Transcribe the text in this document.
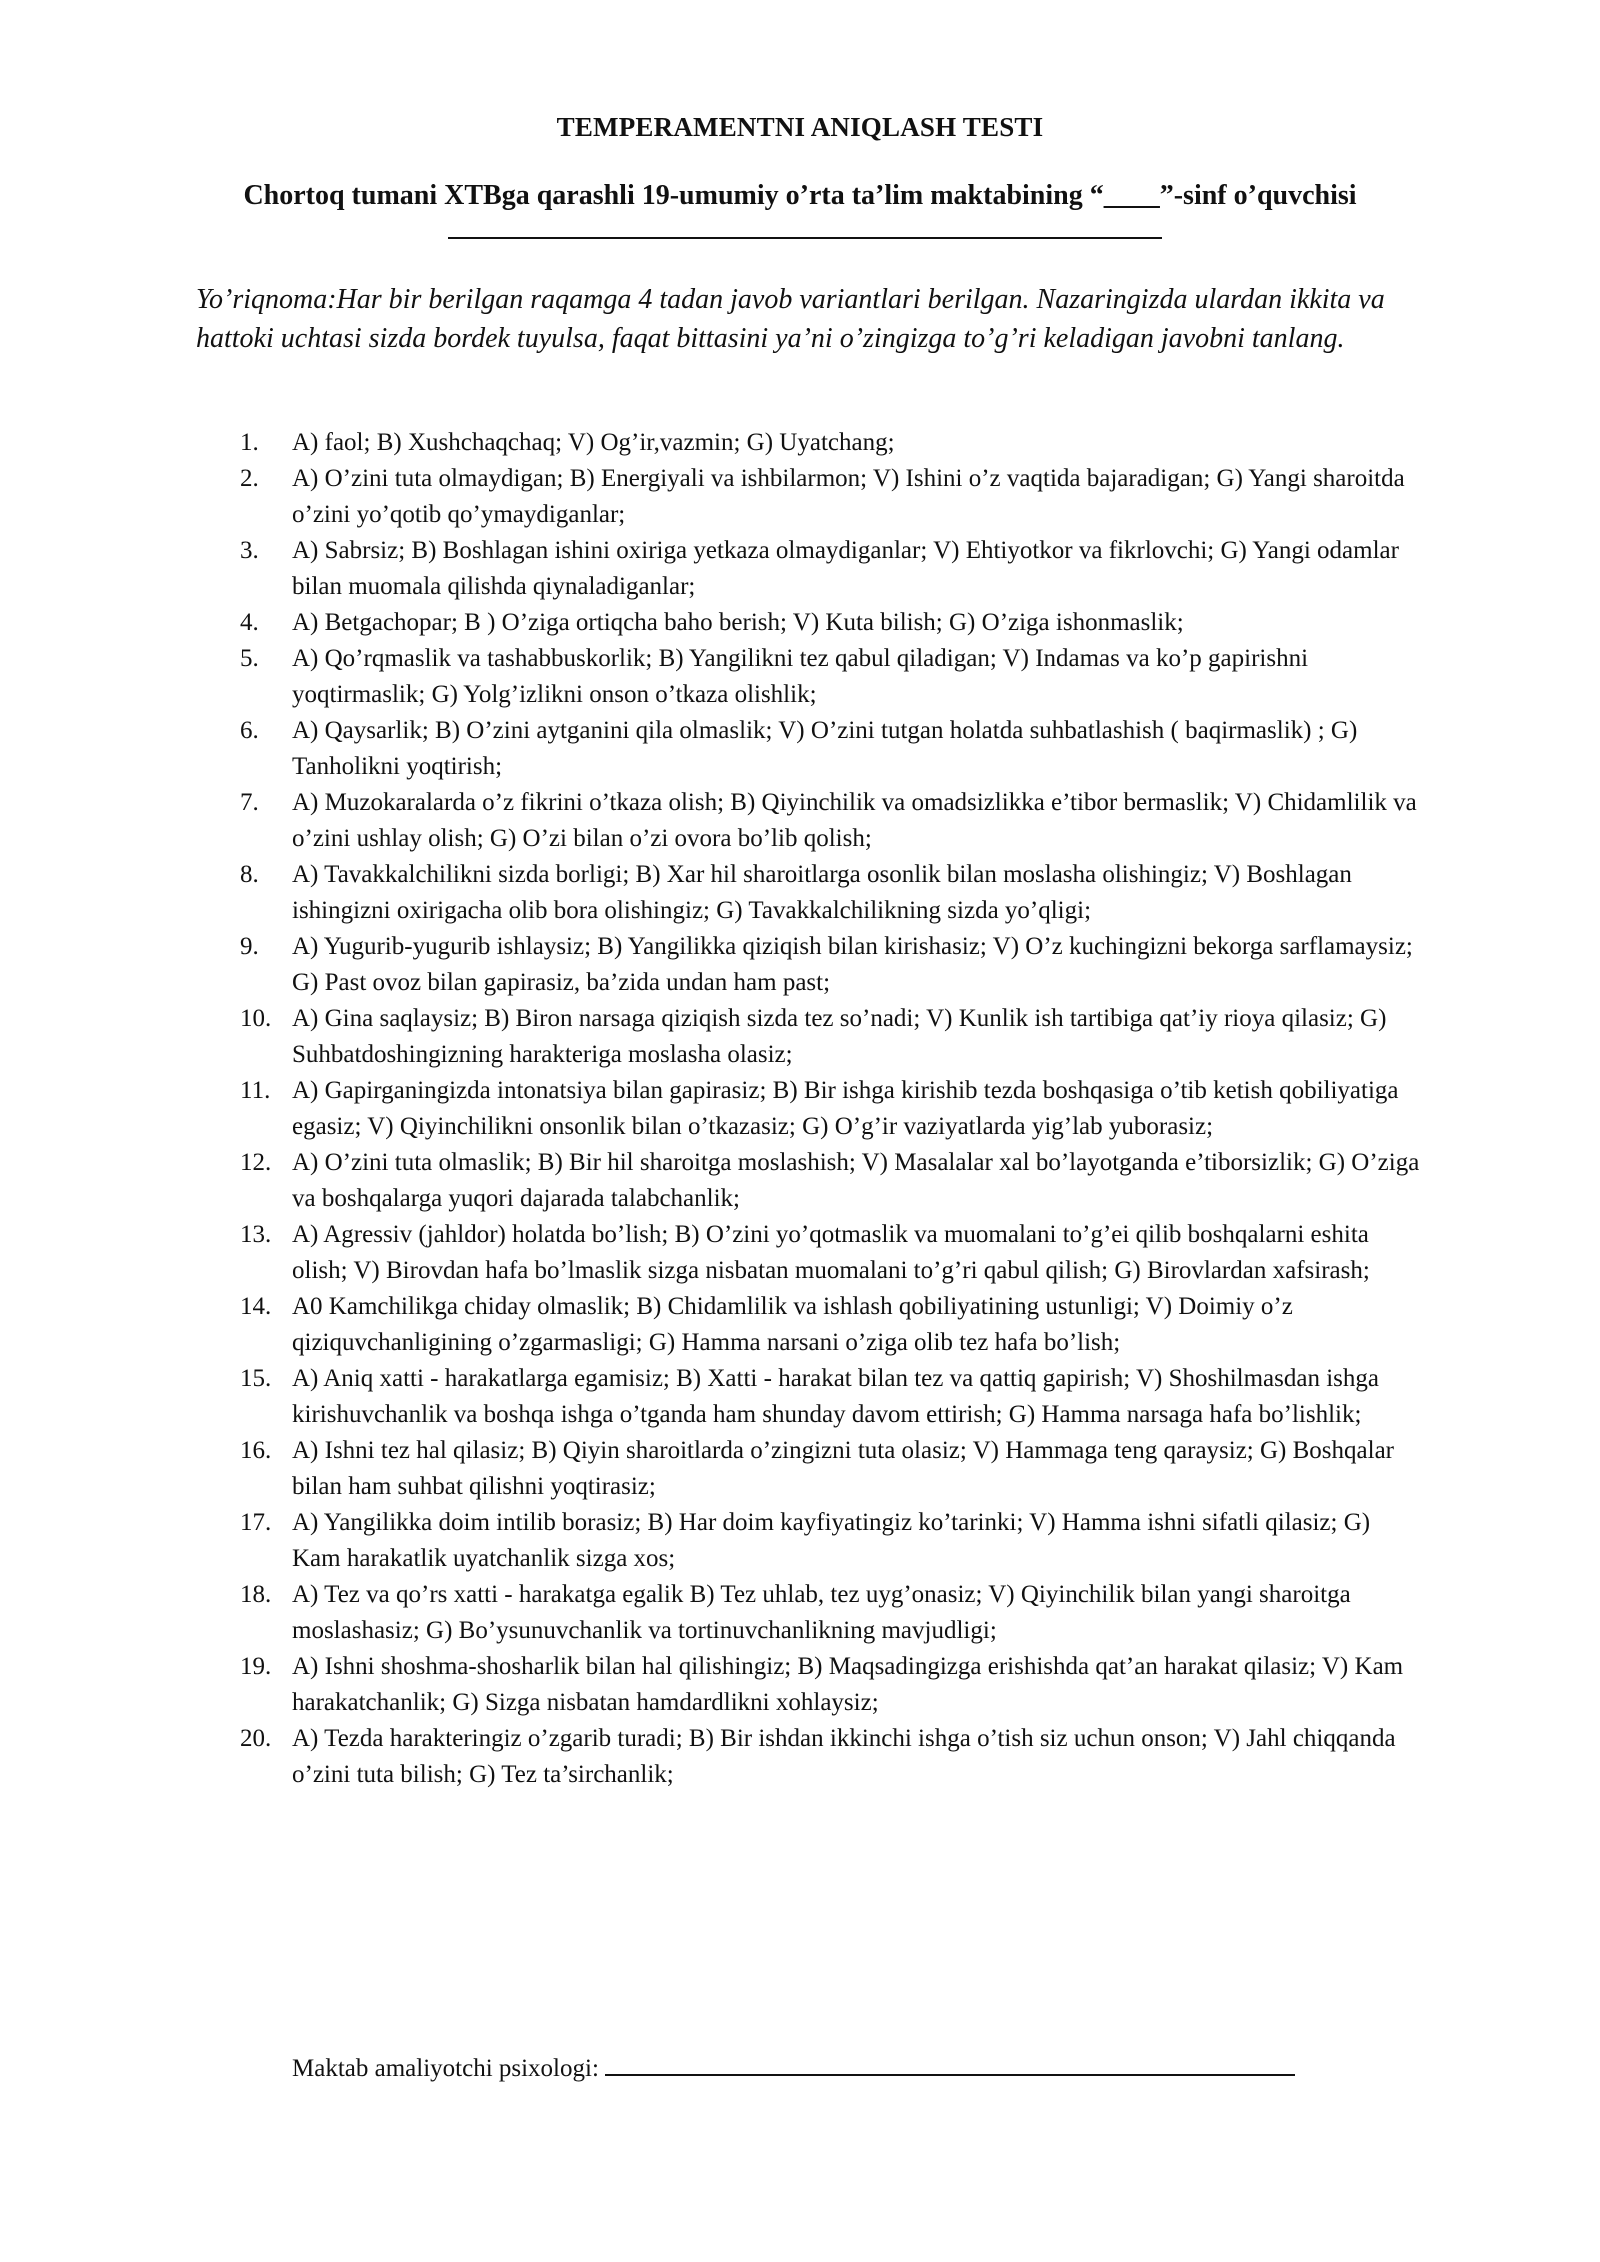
TEMPERAMENTNI ANIQLASH TESTI
Chortoq tumani XTBga qarashli 19-umumiy o’rta ta’lim maktabining “____”-sinf o’quvchisi
Yo’riqnoma:Har bir berilgan raqamga 4 tadan javob variantlari berilgan. Nazaringizda ulardan ikkita va hattoki uchtasi sizda bordek tuyulsa, faqat bittasini ya’ni o’zingizga to’g’ri keladigan javobni tanlang.
1.	A) faol; B) Xushchaqchaq; V) Og’ir,vazmin; G) Uyatchang;
2.	A) O’zini tuta olmaydigan; B) Energiyali va ishbilarmon; V) Ishini o’z vaqtida bajaradigan; G) Yangi sharoitda o’zini yo’qotib qo’ymaydiganlar;
3.	A) Sabrsiz; B) Boshlagan ishini oxiriga yetkaza olmaydiganlar; V) Ehtiyotkor va fikrlovchi; G) Yangi odamlar bilan muomala qilishda qiynaladiganlar;
4.	A) Betgachopar; B ) O’ziga ortiqcha baho berish; V) Kuta bilish; G) O’ziga ishonmaslik;
5.	A) Qo’rqmaslik va tashabbuskorlik; B) Yangilikni tez qabul qiladigan; V) Indamas va ko’p gapirishni yoqtirmaslik; G) Yolg’izlikni onson o’tkaza olishlik;
6.	A) Qaysarlik; B) O’zini aytganini qila olmaslik; V) O’zini tutgan holatda suhbatlashish ( baqirmaslik) ; G) Tanholikni yoqtirish;
7.	A) Muzokaralarda o’z fikrini o’tkaza olish; B) Qiyinchilik va omadsizlikka e’tibor bermaslik; V) Chidamlilik va o’zini ushlay olish; G) O’zi bilan o’zi ovora bo’lib qolish;
8.	A) Tavakkalchilikni sizda borligi; B) Xar hil sharoitlarga osonlik bilan moslasha olishingiz; V) Boshlagan ishingizni oxirigacha olib bora olishingiz; G) Tavakkalchilikning sizda yo’qligi;
9.	A) Yugurib-yugurib ishlaysiz; B) Yangilikka qiziqish bilan kirishasiz; V) O’z kuchingizni bekorga sarflamaysiz; G) Past ovoz bilan gapirasiz, ba’zida undan ham past;
10. A) Gina saqlaysiz; B) Biron narsaga qiziqish sizda tez so’nadi; V) Kunlik ish tartibiga qat’iy rioya qilasiz; G) Suhbatdoshingizning harakteriga moslasha olasiz;
11. A) Gapirganingizda intonatsiya bilan gapirasiz; B) Bir ishga kirishib tezda boshqasiga o’tib ketish qobiliyatiga egasiz; V) Qiyinchilikni onsonlik bilan o’tkazasiz; G) O’g’ir vaziyatlarda yig’lab yuborasiz;
12. A) O’zini tuta olmaslik; B) Bir hil sharoitga moslashish; V) Masalalar xal bo’layotganda e’tiborsizlik; G) O’ziga va boshqalarga yuqori dajarada talabchanlik;
13. A) Agressiv (jahldor) holatda bo’lish; B) O’zini yo’qotmaslik va muomalani to’g’ei qilib boshqalarni eshita olish; V) Birovdan hafa bo’lmaslik sizga nisbatan muomalani to’g’ri qabul qilish; G) Birovlardan xafsirash;
14. A0 Kamchilikga chiday olmaslik; B) Chidamlilik va ishlash qobiliyatining ustunligi; V) Doimiy o’z qiziquvchanligining o’zgarmasligi; G) Hamma narsani o’ziga olib tez hafa bo’lish;
15. A) Aniq xatti - harakatlarga egamisiz; B) Xatti - harakat bilan tez va qattiq gapirish; V) Shoshilmasdan ishga kirishuvchanlik va boshqa ishga o’tganda ham shunday davom ettirish; G) Hamma narsaga hafa bo’lishlik;
16. A) Ishni tez hal qilasiz; B) Qiyin sharoitlarda o’zingizni tuta olasiz; V) Hammaga teng qaraysiz; G) Boshqalar bilan ham suhbat qilishni yoqtirasiz;
17. A) Yangilikka doim intilib borasiz; B) Har doim kayfiyatingiz ko’tarinki; V) Hamma ishni sifatli qilasiz; G) Kam harakatlik uyatchanlik sizga xos;
18. A) Tez va qo’rs xatti - harakatga egalik B) Tez uhlab, tez uyg’onasiz; V) Qiyinchilik bilan yangi sharoitga moslashasiz; G) Bo’ysunuvchanlik va tortinuvchanlikning mavjudligi;
19. A) Ishni shoshma-shosharlik bilan hal qilishingiz; B) Maqsadingizga erishishda qat’an harakat qilasiz; V) Kam harakatchanlik; G) Sizga nisbatan hamdardlikni xohlaysiz;
20. A) Tezda harakteringiz o’zgarib turadi; B) Bir ishdan ikkinchi ishga o’tish siz uchun onson; V) Jahl chiqqanda o’zini tuta bilish; G) Tez ta’sirchanlik;
Maktab amaliyotchi psixologi:
